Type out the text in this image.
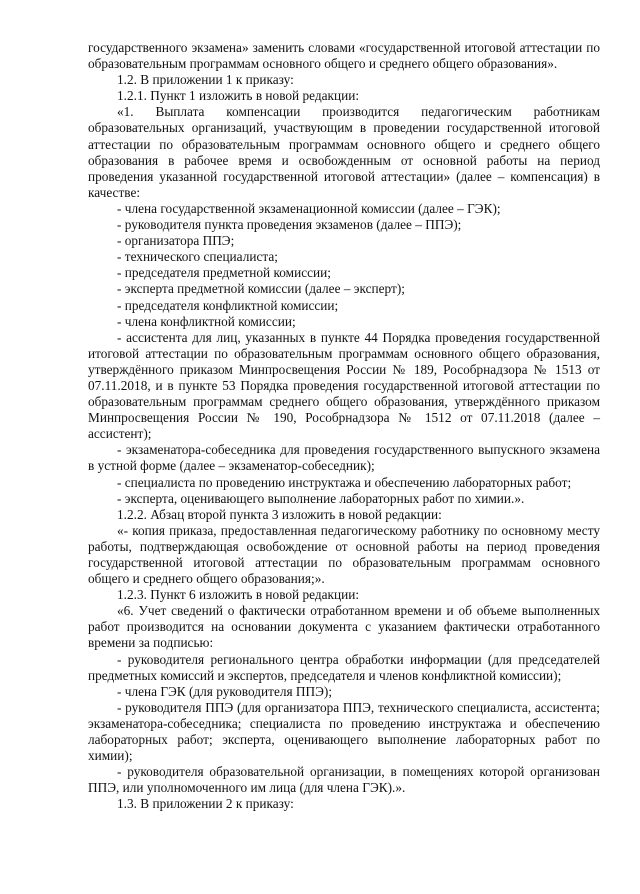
государственного экзамена» заменить словами «государственной итоговой аттестации по образовательным программам основного общего и среднего общего образования».

1.2. В приложении 1 к приказу:

1.2.1. Пункт 1 изложить в новой редакции:

«1. Выплата компенсации производится педагогическим работникам образовательных организаций, участвующим в проведении государственной итоговой аттестации по образовательным программам основного общего и среднего общего образования в рабочее время и освобожденным от основной работы на период проведения указанной государственной итоговой аттестации» (далее – компенсация) в качестве:

- члена государственной экзаменационной комиссии (далее – ГЭК);

- руководителя пункта проведения экзаменов (далее – ППЭ);

- организатора ППЭ;

- технического специалиста;

- председателя предметной комиссии;

- эксперта предметной комиссии (далее – эксперт);

- председателя конфликтной комиссии;

- члена конфликтной комиссии;

- ассистента для лиц, указанных в пункте 44 Порядка проведения государственной итоговой аттестации по образовательным программам основного общего образования, утверждённого приказом Минпросвещения России № 189, Рособрнадзора № 1513 от 07.11.2018, и в пункте 53 Порядка проведения государственной итоговой аттестации по образовательным программам среднего общего образования, утверждённого приказом Минпросвещения России № 190, Рособрнадзора № 1512 от 07.11.2018 (далее – ассистент);

- экзаменатора-собеседника для проведения государственного выпускного экзамена в устной форме (далее – экзаменатор-собеседник);

- специалиста по проведению инструктажа и обеспечению лабораторных работ;

- эксперта, оценивающего выполнение лабораторных работ по химии.».

1.2.2. Абзац второй пункта 3 изложить в новой редакции:

«- копия приказа, предоставленная педагогическому работнику по основному месту работы, подтверждающая освобождение от основной работы на период проведения государственной итоговой аттестации по образовательным программам основного общего и среднего общего образования;».

1.2.3. Пункт 6 изложить в новой редакции:

«6. Учет сведений о фактически отработанном времени и об объеме выполненных работ производится на основании документа с указанием фактически отработанного времени за подписью:

- руководителя регионального центра обработки информации (для председателей предметных комиссий и экспертов, председателя и членов конфликтной комиссии);

- члена ГЭК (для руководителя ППЭ);

- руководителя ППЭ (для организатора ППЭ, технического специалиста, ассистента; экзаменатора-собеседника; специалиста по проведению инструктажа и обеспечению лабораторных работ; эксперта, оценивающего выполнение лабораторных работ по химии);

- руководителя образовательной организации, в помещениях которой организован ППЭ, или уполномоченного им лица (для члена ГЭК).».

1.3. В приложении 2 к приказу:
